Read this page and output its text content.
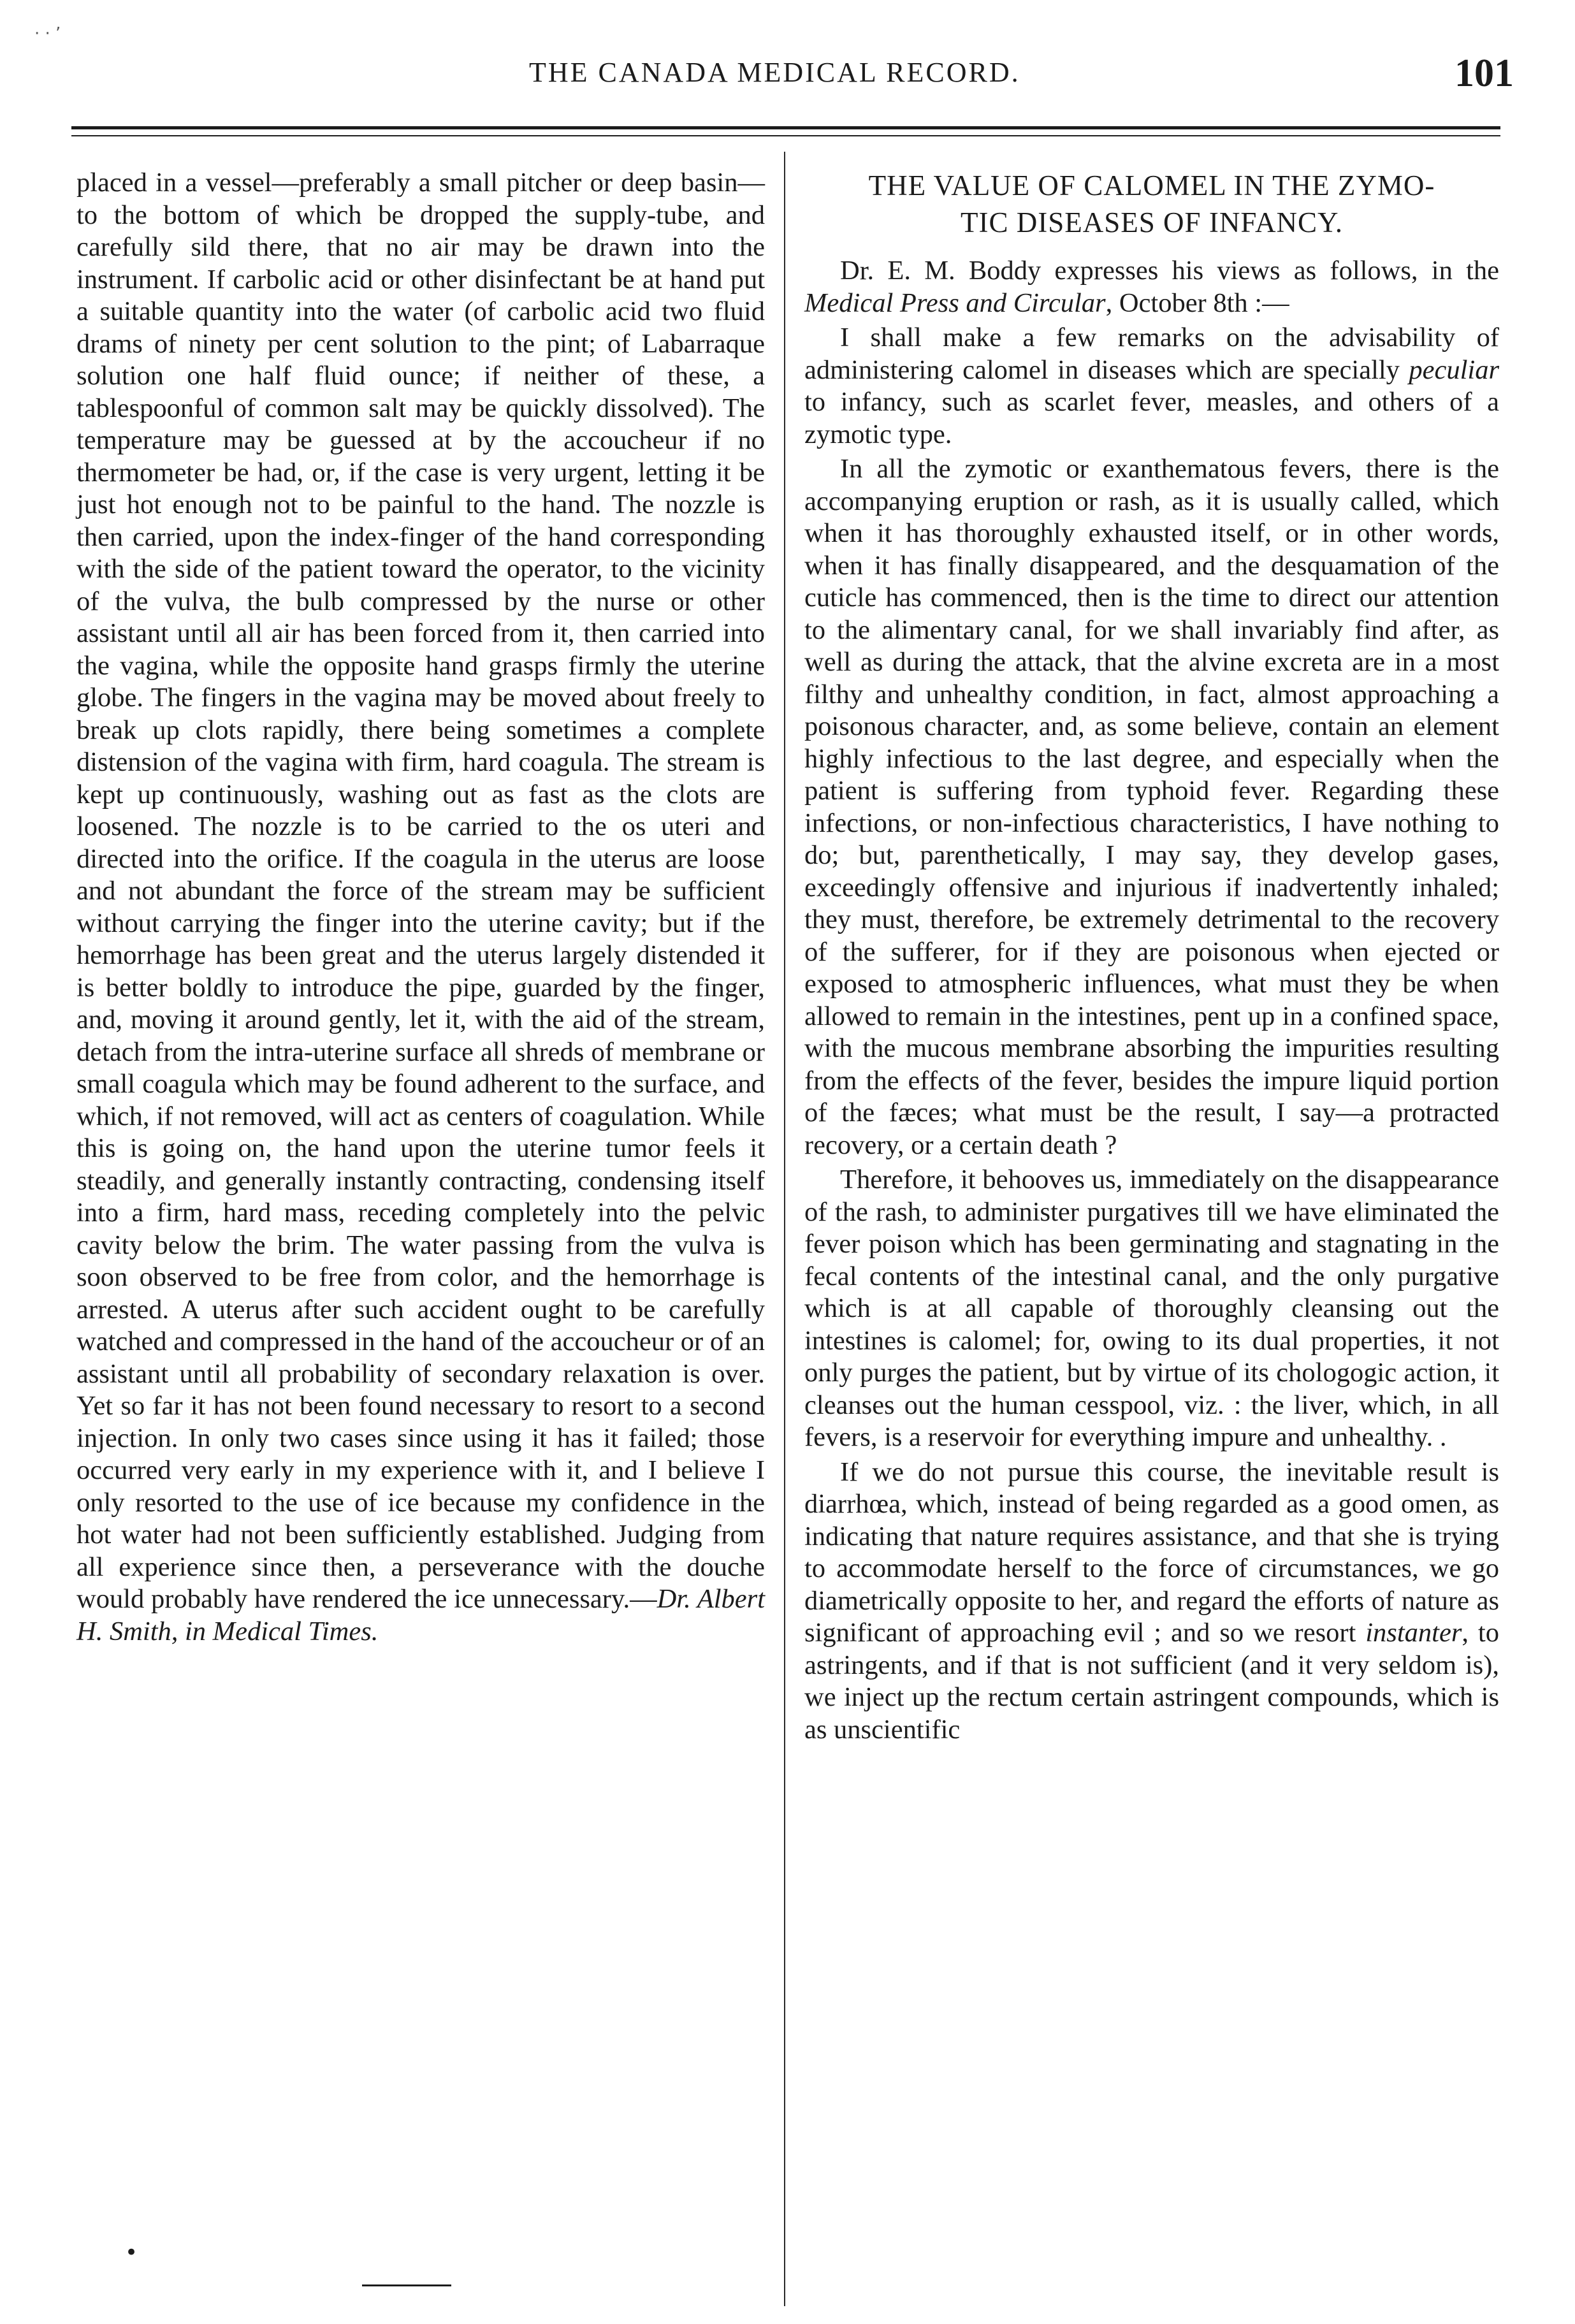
· · ’
THE CANADA MEDICAL RECORD.	101

placed in a vessel—preferably a small pitcher or deep basin—to the bottom of which be dropped the supply-tube, and carefully sild there, that no air may be drawn into the instrument. If carbolic acid or other disinfectant be at hand put a suitable quantity into the water (of carbolic acid two fluid drams of ninety per cent solution to the pint; of Labarraque solution one half fluid ounce; if neither of these, a tablespoonful of common salt may be quickly dissolved). The temperature may be guessed at by the accoucheur if no thermometer be had, or, if the case is very urgent, letting it be just hot enough not to be painful to the hand. The nozzle is then carried, upon the index-finger of the hand corresponding with the side of the patient toward the operator, to the vicinity of the vulva, the bulb compressed by the nurse or other assistant until all air has been forced from it, then carried into the vagina, while the opposite hand grasps firmly the uterine globe. The fingers in the vagina may be moved about freely to break up clots rapidly, there being sometimes a complete distension of the vagina with firm, hard coagula. The stream is kept up continuously, washing out as fast as the clots are loosened. The nozzle is to be carried to the os uteri and directed into the orifice. If the coagula in the uterus are loose and not abundant the force of the stream may be sufficient without carrying the finger into the uterine cavity; but if the hemorrhage has been great and the uterus largely distended it is better boldly to introduce the pipe, guarded by the finger, and, moving it around gently, let it, with the aid of the stream, detach from the intra-uterine surface all shreds of membrane or small coagula which may be found adherent to the surface, and which, if not removed, will act as centers of coagulation. While this is going on, the hand upon the uterine tumor feels it steadily, and generally instantly contracting, condensing itself into a firm, hard mass, receding completely into the pelvic cavity below the brim. The water passing from the vulva is soon observed to be free from color, and the hemorrhage is arrested. A uterus after such accident ought to be carefully watched and compressed in the hand of the accoucheur or of an assistant until all probability of secondary relaxation is over. Yet so far it has not been found necessary to resort to a second injection. In only two cases since using it has it failed; those occurred very early in my experience with it, and I believe I only resorted to the use of ice because my confidence in the hot water had not been sufficiently established. Judging from all experience since then, a perseverance with the douche would probably have rendered the ice unnecessary.—Dr. Albert H. Smith, in Medical Times.

•
THE VALUE OF CALOMEL IN THE ZYMO-
TIC DISEASES OF INFANCY.

Dr. E. M. Boddy expresses his views as follows, in the Medical Press and Circular, October 8th :—

I shall make a few remarks on the advisability of administering calomel in diseases which are specially peculiar to infancy, such as scarlet fever, measles, and others of a zymotic type.

In all the zymotic or exanthematous fevers, there is the accompanying eruption or rash, as it is usually called, which when it has thoroughly exhausted itself, or in other words, when it has finally disappeared, and the desquamation of the cuticle has commenced, then is the time to direct our attention to the alimentary canal, for we shall invariably find after, as well as during the attack, that the alvine excreta are in a most filthy and unhealthy condition, in fact, almost approaching a poisonous character, and, as some believe, contain an element highly infectious to the last degree, and especially when the patient is suffering from typhoid fever. Regarding these infections, or non-infectious characteristics, I have nothing to do; but, parenthetically, I may say, they develop gases, exceedingly offensive and injurious if inadvertently inhaled; they must, therefore, be extremely detrimental to the recovery of the sufferer, for if they are poisonous when ejected or exposed to atmospheric influences, what must they be when allowed to remain in the intestines, pent up in a confined space, with the mucous membrane absorbing the impurities resulting from the effects of the fever, besides the impure liquid portion of the fæces; what must be the result, I say—a protracted recovery, or a certain death ?

Therefore, it behooves us, immediately on the disappearance of the rash, to administer purgatives till we have eliminated the fever poison which has been germinating and stagnating in the fecal contents of the intestinal canal, and the only purgative which is at all capable of thoroughly cleansing out the intestines is calomel; for, owing to its dual properties, it not only purges the patient, but by virtue of its chologogic action, it cleanses out the human cesspool, viz. : the liver, which, in all fevers, is a reservoir for everything impure and unhealthy. .

If we do not pursue this course, the inevitable result is diarrhœa, which, instead of being regarded as a good omen, as indicating that nature requires assistance, and that she is trying to accommodate herself to the force of circumstances, we go diametrically opposite to her, and regard the efforts of nature as significant of approaching evil ; and so we resort instanter, to astringents, and if that is not sufficient (and it very seldom is), we inject up the rectum certain astringent compounds, which is as unscientific
